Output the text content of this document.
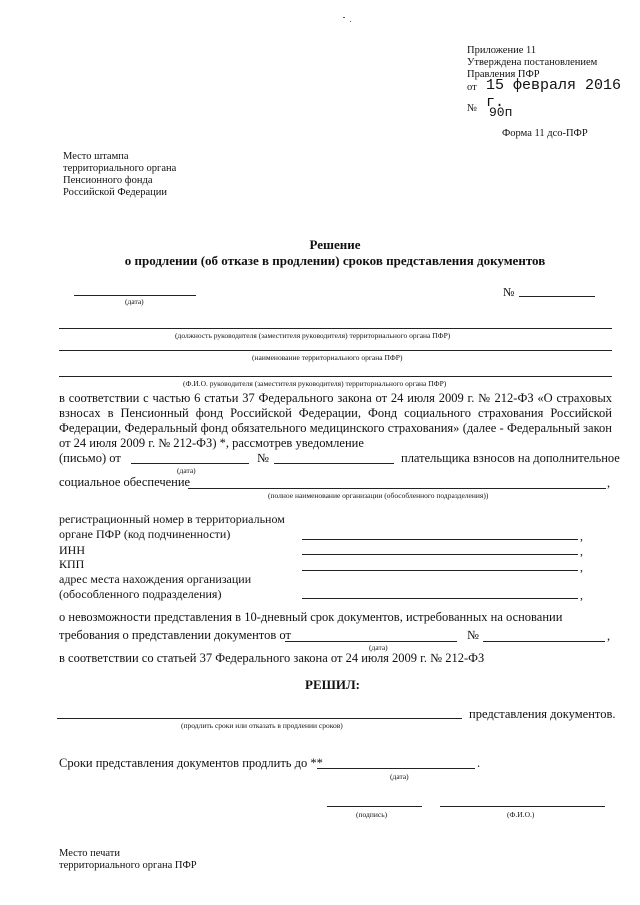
Приложение 11
Утверждена постановлением
Правления ПФР
от 15 февраля 2016 г.
№ 90п
Форма 11 дсо-ПФР
Место штампа
территориального органа
Пенсионного фонда
Российской Федерации
Решение
о продлении (об отказе в продлении) сроков представления документов
(дата)
№
(должность руководителя (заместителя руководителя) территориального органа ПФР)
(наименование территориального органа ПФР)
(Ф.И.О. руководителя (заместителя руководителя) территориального органа ПФР)
в соответствии с частью 6 статьи 37 Федерального закона от 24 июля 2009 г. № 212-ФЗ «О страховых взносах в Пенсионный фонд Российской Федерации, Фонд социального страхования Российской Федерации, Федеральный фонд обязательного медицинского страхования» (далее - Федеральный закон от 24 июля 2009 г. № 212-ФЗ) *, рассмотрев уведомление
(письмо) от	№	плательщика взносов на дополнительное
(дата)
социальное обеспечение	,
(полное наименование организации (обособленного подразделения))
регистрационный номер в территориальном
органе ПФР (код подчиненности)	,
ИНН	,
КПП	,
адрес места нахождения организации
(обособленного подразделения)	,
о невозможности представления в 10-дневный срок документов, истребованных на основании
требования о представлении документов от	№	,
(дата)
в соответствии со статьей 37 Федерального закона от 24 июля 2009 г. № 212-ФЗ
РЕШИЛ:
представления документов.
(продлить сроки или отказать в продлении сроков)
Сроки представления документов продлить до **	.
(дата)
(подпись)	(Ф.И.О.)
Место печати
территориального органа ПФР
